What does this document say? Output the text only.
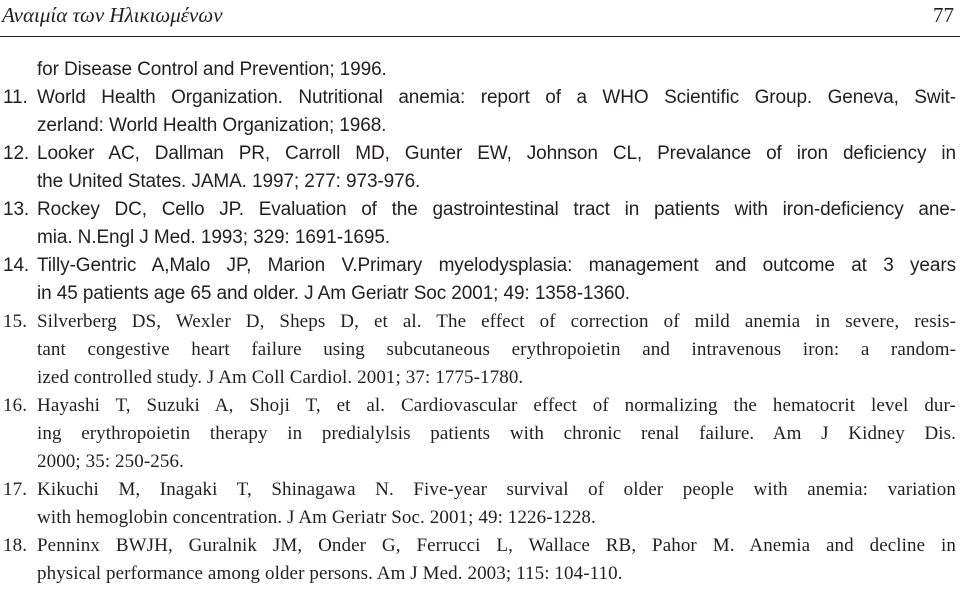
Αναιμία των Ηλικιωμένων	77
for Disease Control and Prevention; 1996.
11. World Health Organization. Nutritional anemia: report of a WHO Scientific Group. Geneva, Swit-
zerland: World Health Organization; 1968.
12. Looker AC, Dallman PR, Carroll MD, Gunter EW, Johnson CL, Prevalance of iron deficiency in
the United States. JAMA. 1997; 277: 973-976.
13. Rockey DC, Cello JP. Evaluation of the gastrointestinal tract in patients with iron-deficiency ane-
mia. N.Engl J Med. 1993; 329: 1691-1695.
14. Tilly-Gentric A,Malo JP, Marion V.Primary myelodysplasia: management and outcome at 3 years
in 45 patients age 65 and older. J Am Geriatr Soc 2001; 49: 1358-1360.
15. Silverberg DS, Wexler D, Sheps D, et al. The effect of correction of mild anemia in severe, resis-
tant congestive heart failure using subcutaneous erythropoietin and intravenous iron: a random-
ized controlled study. J Am Coll Cardiol. 2001; 37: 1775-1780.
16. Hayashi T, Suzuki A, Shoji T, et al. Cardiovascular effect of normalizing the hematocrit level dur-
ing erythropoietin therapy in predialylsis patients with chronic renal failure. Am J Kidney Dis.
2000; 35: 250-256.
17. Kikuchi M, Inagaki T, Shinagawa N. Five-year survival of older people with anemia: variation
with hemoglobin concentration. J Am Geriatr Soc. 2001; 49: 1226-1228.
18. Penninx BWJH, Guralnik JM, Onder G, Ferrucci L, Wallace RB, Pahor M. Anemia and decline in
physical performance among older persons. Am J Med. 2003; 115: 104-110.
